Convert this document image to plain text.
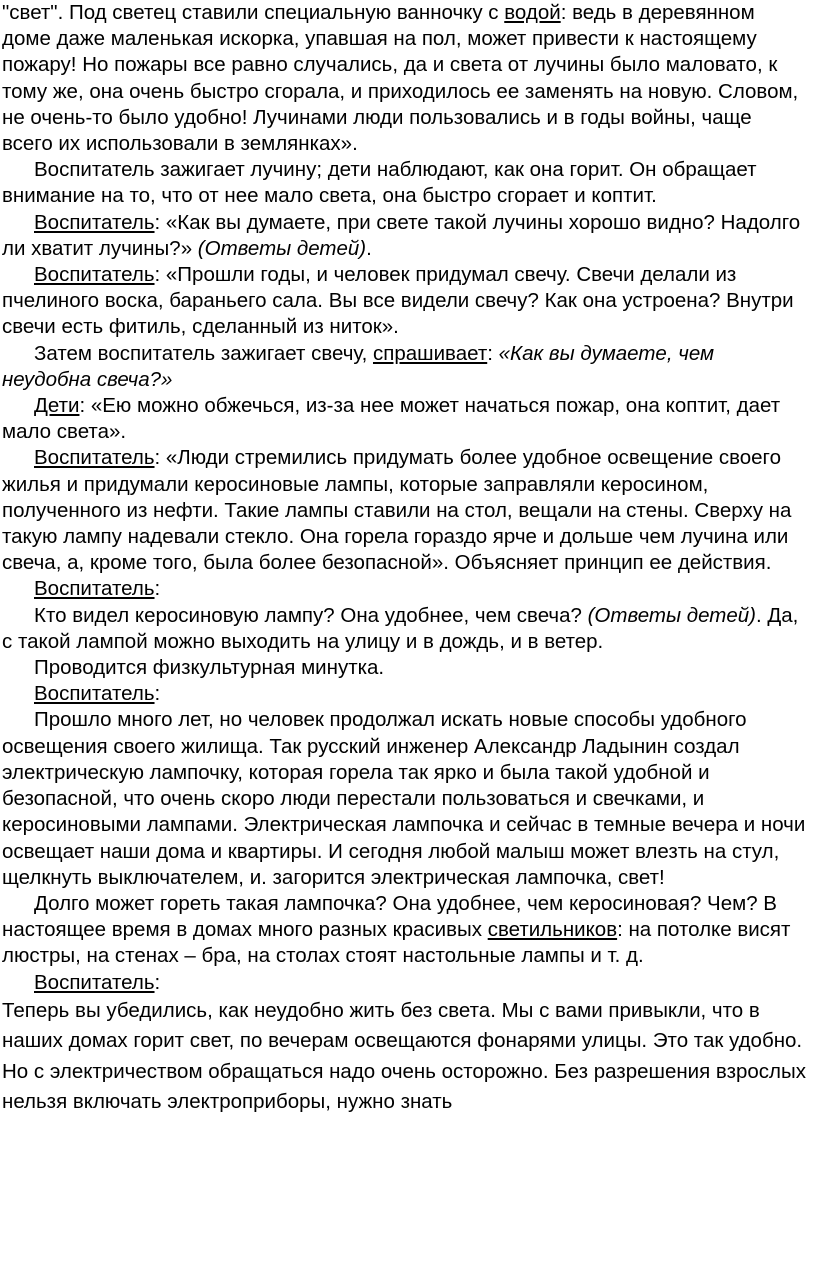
"свет". Под светец ставили специальную ванночку с водой: ведь в деревянном доме даже маленькая искорка, упавшая на пол, может привести к настоящему пожару! Но пожары все равно случались, да и света от лучины было маловато, к тому же, она очень быстро сгорала, и приходилось ее заменять на новую. Словом, не очень-то было удобно! Лучинами люди пользовались и в годы войны, чаще всего их использовали в землянках».

Воспитатель зажигает лучину; дети наблюдают, как она горит. Он обращает внимание на то, что от нее мало света, она быстро сгорает и коптит.

Воспитатель: «Как вы думаете, при свете такой лучины хорошо видно? Надолго ли хватит лучины?» (Ответы детей).

Воспитатель: «Прошли годы, и человек придумал свечу. Свечи делали из пчелиного воска, бараньего сала. Вы все видели свечу? Как она устроена? Внутри свечи есть фитиль, сделанный из ниток».

Затем воспитатель зажигает свечу, спрашивает: «Как вы думаете, чем неудобна свеча?»

Дети: «Ею можно обжечься, из-за нее может начаться пожар, она коптит, дает мало света».

Воспитатель: «Люди стремились придумать более удобное освещение своего жилья и придумали керосиновые лампы, которые заправляли керосином, полученного из нефти. Такие лампы ставили на стол, вещали на стены. Сверху на такую лампу надевали стекло. Она горела гораздо ярче и дольше чем лучина или свеча, а, кроме того, была более безопасной». Объясняет принцип ее действия.

Воспитатель:

Кто видел керосиновую лампу? Она удобнее, чем свеча? (Ответы детей). Да, с такой лампой можно выходить на улицу и в дождь, и в ветер.

Проводится физкультурная минутка.

Воспитатель:

Прошло много лет, но человек продолжал искать новые способы удобного освещения своего жилища. Так русский инженер Александр Ладынин создал электрическую лампочку, которая горела так ярко и была такой удобной и безопасной, что очень скоро люди перестали пользоваться и свечками, и керосиновыми лампами. Электрическая лампочка и сейчас в темные вечера и ночи освещает наши дома и квартиры. И сегодня любой малыш может влезть на стул, щелкнуть выключателем, и. загорится электрическая лампочка, свет!

Долго может гореть такая лампочка? Она удобнее, чем керосиновая? Чем? В настоящее время в домах много разных красивых светильников: на потолке висят люстры, на стенах – бра, на столах стоят настольные лампы и т. д.

Воспитатель:

Теперь вы убедились, как неудобно жить без света. Мы с вами привыкли, что в наших домах горит свет, по вечерам освещаются фонарями улицы. Это так удобно. Но с электричеством обращаться надо очень осторожно. Без разрешения взрослых нельзя включать электроприборы, нужно знать
